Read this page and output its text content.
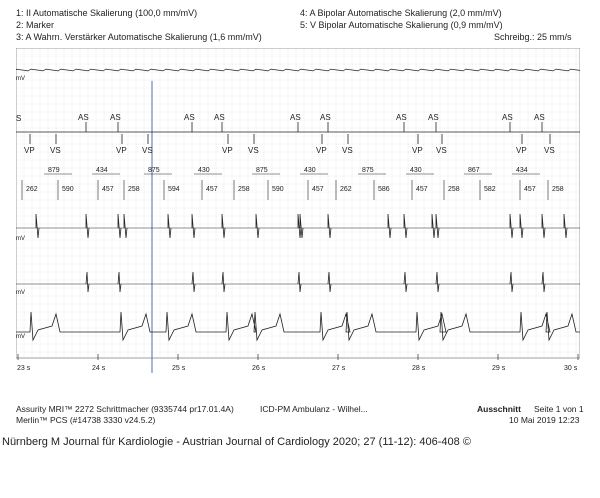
1: II Automatische Skalierung (100,0 mm/mV)
2: Marker
3: A Wahrn. Verstärker Automatische Skalierung (1,6 mm/mV)
4: A Bipolar Automatische Skalierung (2,0 mm/mV)
5: V Bipolar Automatische Skalierung (0,9 mm/mV)
Schreibg.: 25 mm/s
23 s	24 s	25 s	26 s	27 s	28 s	29 s	30 s
mV
S	AS	AS	AS AS	AS AS	AS	AS	AS	AS
VP	VP	VP	VP	VP	VP
VS	VS	VS	VS	VS	VS
879	434	875	430	875	430	875	430	867	434
262	590	457 258	594	457	258	590	457 262	586	457	258	582	457 258
mV
mV
mV
Assurity MRI™ 2272 Schrittmacher (9335744 pr17.01.4A)	ICD-PM Ambulanz - Wilhel...
Merlin™ PCS (#14738 3330 v24.5.2)
Ausschnitt Seite 1 von 1
10 Mai 2019 12:23
Nürnberg M Journal für Kardiologie - Austrian Journal of Cardiology 2020; 27 (11-12): 406-408 ©
